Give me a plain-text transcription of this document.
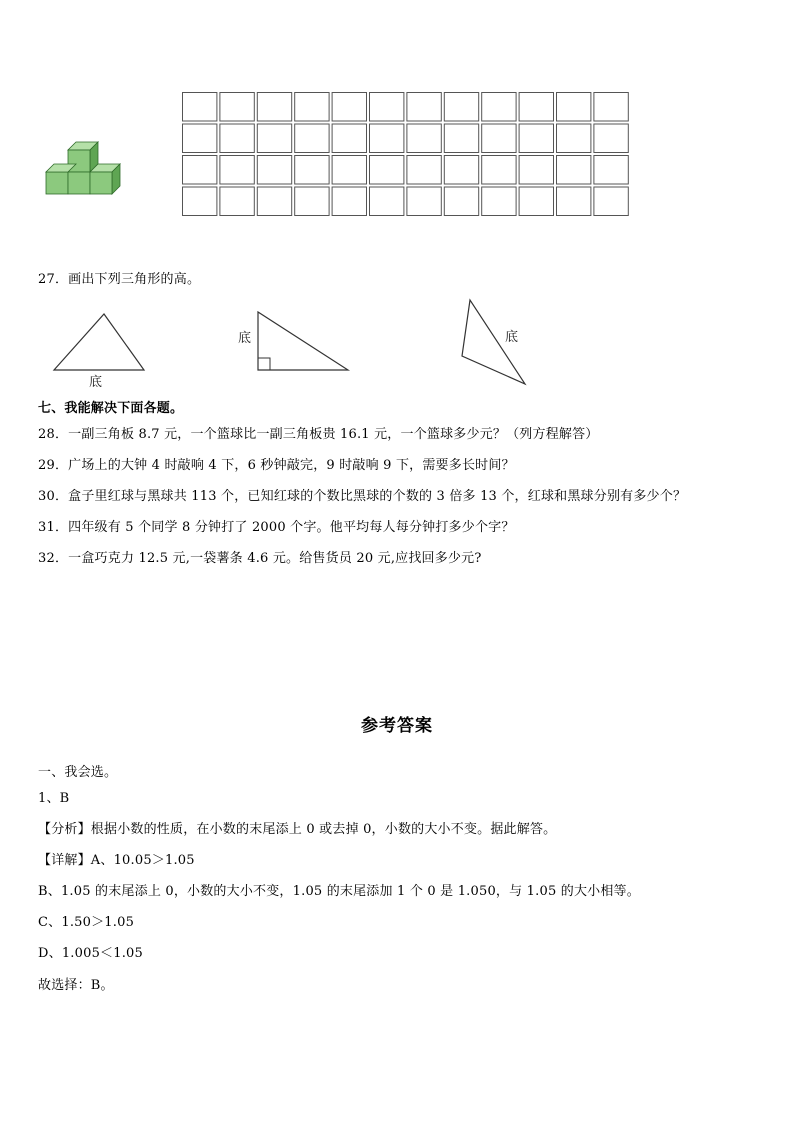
27．画出下列三角形的高。
底
底	底
七、我能解决下面各题。
28．一副三角板 8.7 元，一个篮球比一副三角板贵 16.1 元，一个篮球多少元？（列方程解答）
29．广场上的大钟 4 时敲响 4 下，6 秒钟敲完，9 时敲响 9 下，需要多长时间？
30．盒子里红球与黑球共 113 个，已知红球的个数比黑球的个数的 3 倍多 13 个，红球和黑球分别有多少个？
31．四年级有 5 个同学 8 分钟打了 2000 个字。他平均每人每分钟打多少个字？
32．一盒巧克力 12.5 元,一袋薯条 4.6 元。给售货员 20 元,应找回多少元?
参考答案
一、我会选。
1、B
【分析】根据小数的性质，在小数的末尾添上 0 或去掉 0，小数的大小不变。据此解答。
【详解】A、10.05＞1.05
B、1.05 的末尾添上 0，小数的大小不变，1.05 的末尾添加 1 个 0 是 1.050，与 1.05 的大小相等。
C、1.50＞1.05
D、1.005＜1.05
故选择：B。
